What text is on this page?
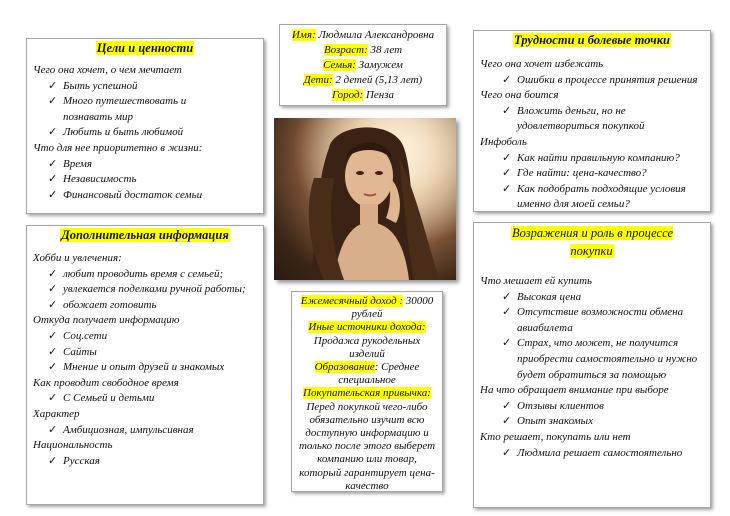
Цели и ценности
Чего она хочет, о чем мечтает
✓ Быть успешной
✓ Много путешествовать и познавать мир
✓ Любить и быть любимой
Что для нее приоритетно в жизни:
✓ Время
✓ Независимость
✓ Финансовый достаток семьи
Имя: Людмила Александровна
Возраст: 38 лет
Семья: Замужем
Дети: 2 детей (5,13 лет)
Город: Пенза
Трудности и болевые точки
Чего она хочет избежать
✓ Ошибки в процессе принятия решения
Чего она боится
✓ Вложить деньги, но не удовлетвориться покупкой
Инфоболь
✓ Как найти правильную компанию?
✓ Где найти: цена-качество?
✓ Как подобрать подходящие условия именно для моей семьи?
Дополнительная информация
Хобби и увлечения:
✓ любит проводить время с семьей;
✓ увлекается поделками ручной работы;
✓ обожает готовить
Откуда получает информацию
✓ Соц.сети
✓ Сайты
✓ Мнение и опыт друзей и знакомых
Как проводит свободное время
✓ С Семьей и детьми
Характер
✓ Амбициозная, импульсивная
Национальность
✓ Русская
Ежемесячный доход : 30000
рублей
Иные источники дохода:
Продажа рукодельных изделий
Образование: Среднее специальное
Покупательская привычка:
Перед покупкой чего-либо обязательно изучит всю доступную информацию и только после этого выберет компанию или товар, который гарантирует цена-качество
Возражения и роль в процессе покупки
Что мешает ей купить
✓ Высокая цена
✓ Отсутствие возможности обмена авиабилета
✓ Страх, что может, не получится приобрести самостоятельно и нужно будет обратиться за помощью
На что обращает внимание при выборе
✓ Отзывы клиентов
✓ Опыт знакомых
Кто решает, покупать или нет
✓ Людмила решает самостоятельно
